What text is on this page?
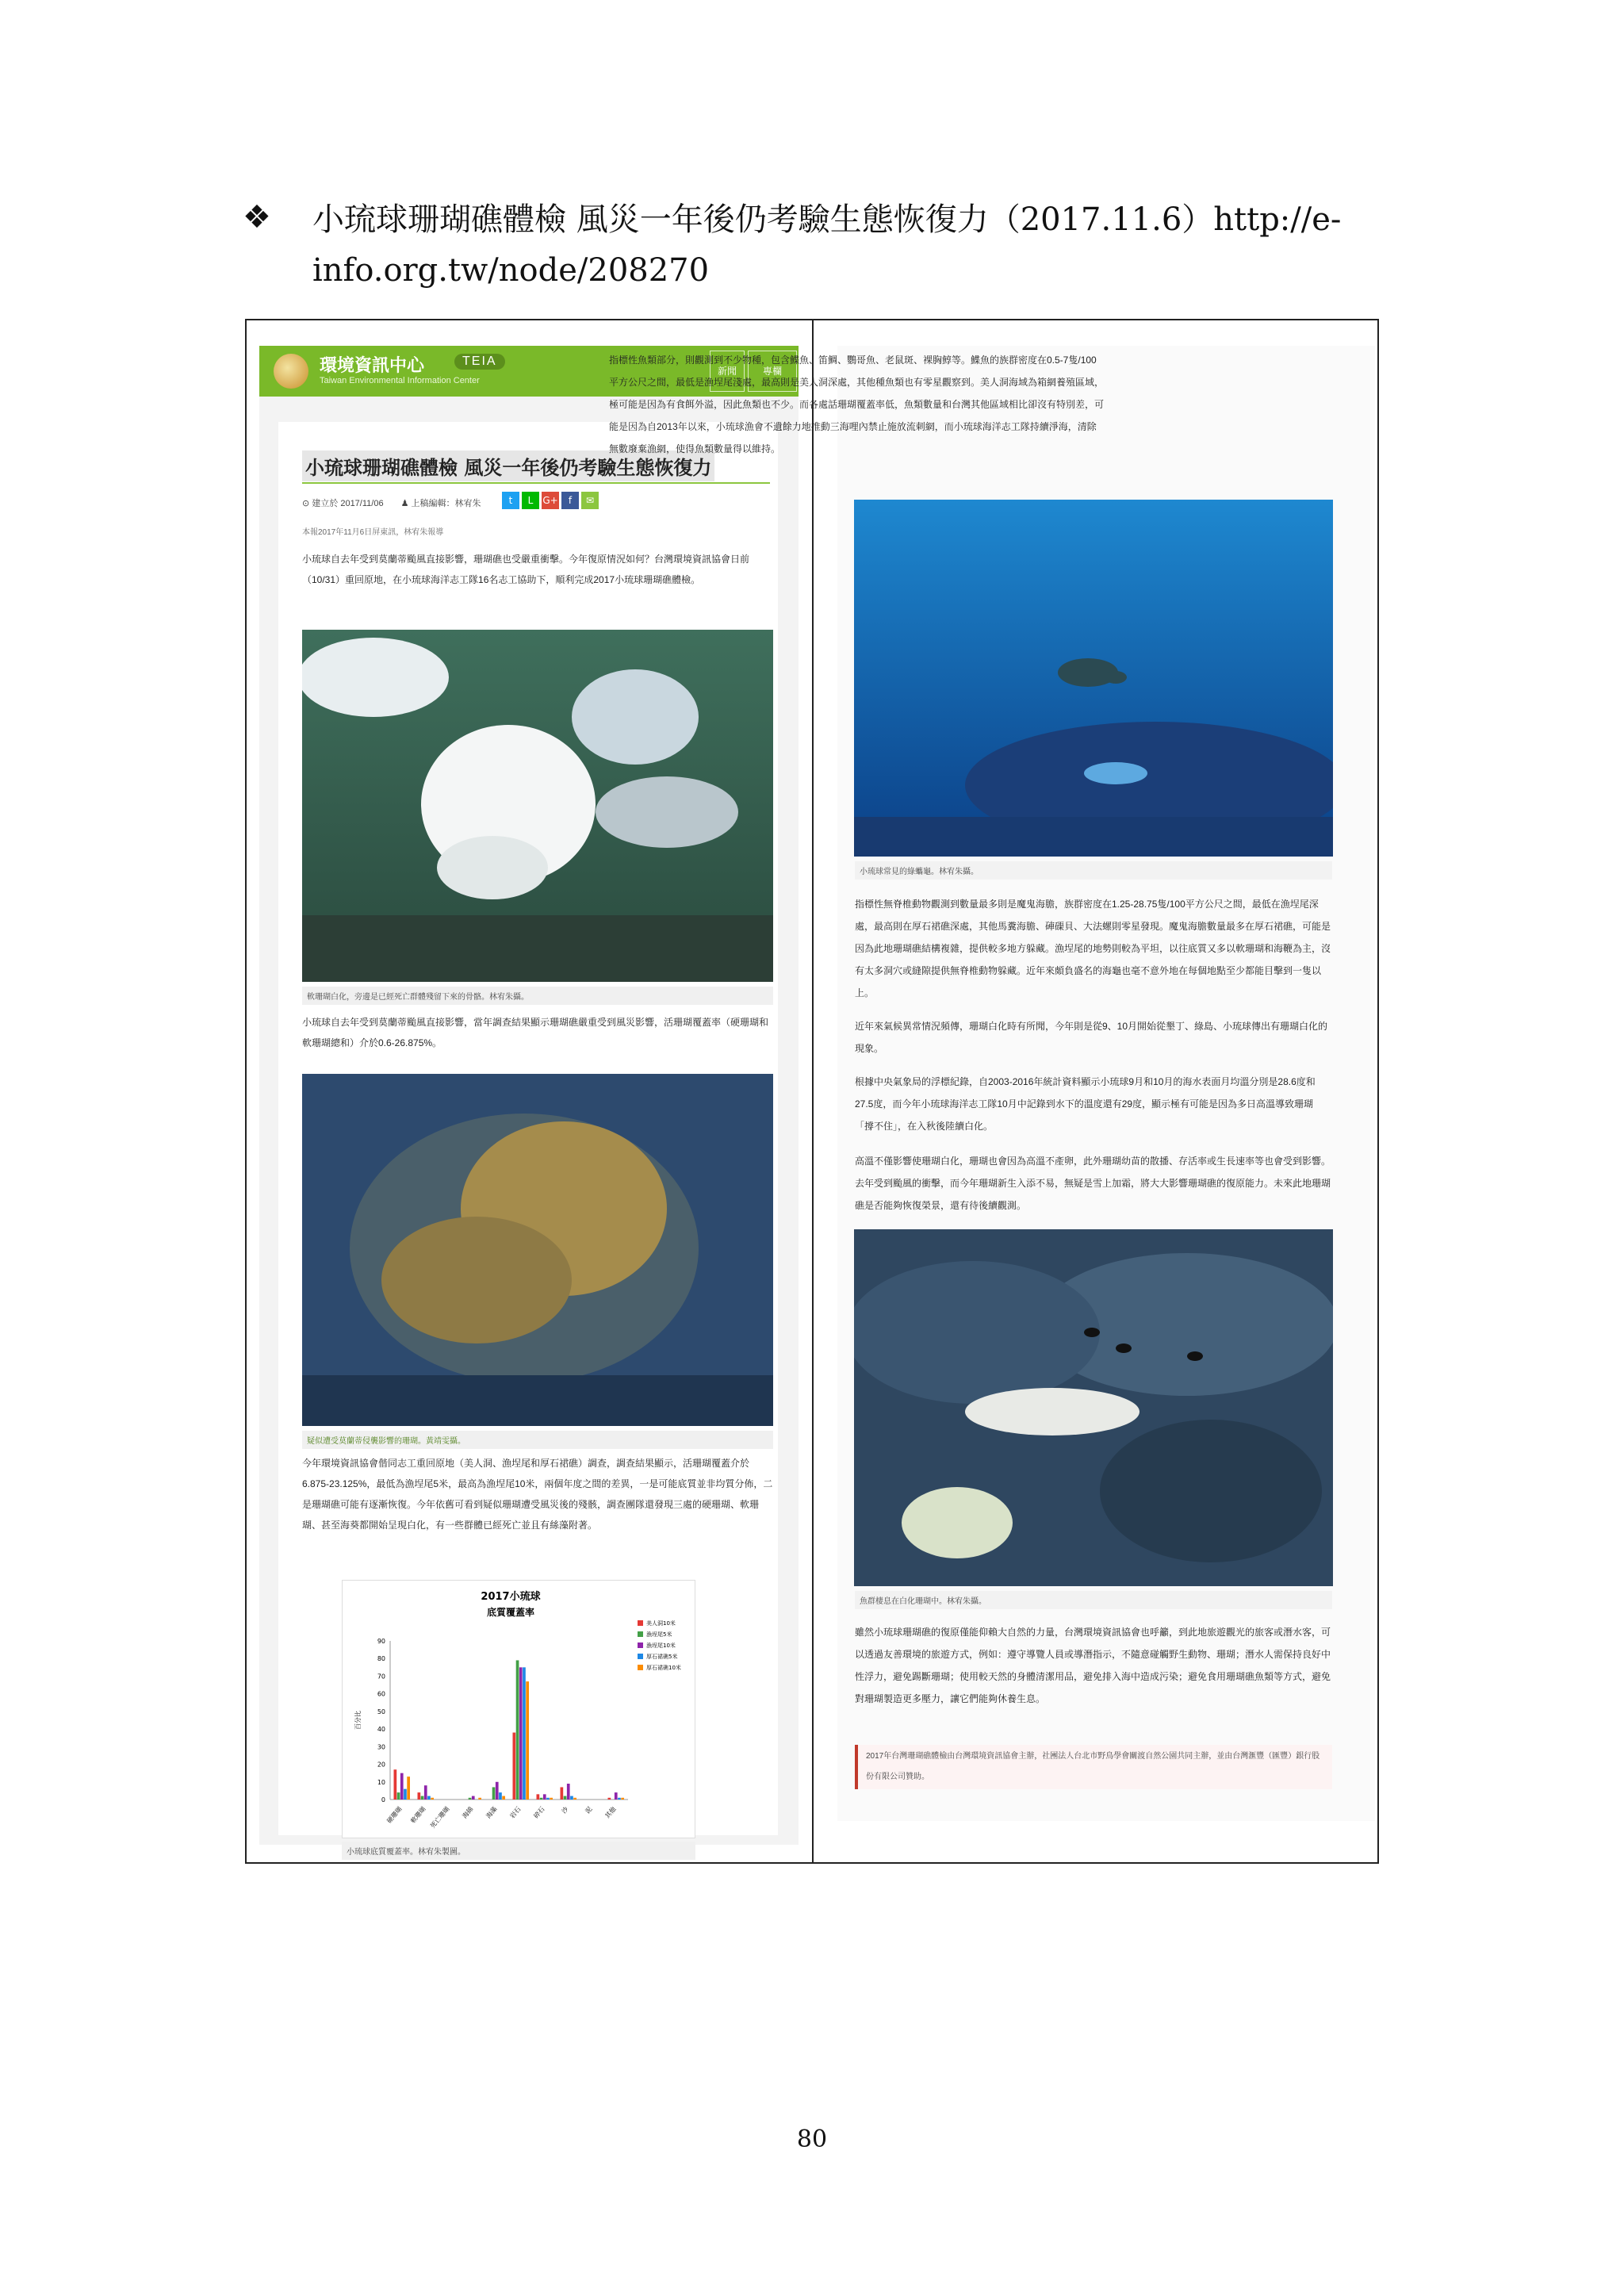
❖ 小琉球珊瑚礁體檢 風災一年後仍考驗生態恢復力（2017.11.6）http://e-info.org.tw/node/208270
環境資訊中心	TEIA
Taiwan Environmental Information Center
新聞	專欄
小琉球珊瑚礁體檢 風災一年後仍考驗生態恢復力
⊙ 建立於 2017/11/06　　♟ 上稿編輯：林宥朱	t L G+ f ✉
本報2017年11月6日屏東訊，林宥朱報導
小琉球自去年受到莫蘭蒂颱風直接影響，珊瑚礁也受嚴重衝擊。今年復原情況如何？台灣環境資訊協會日前（10/31）重回原地，在小琉球海洋志工隊16名志工協助下，順利完成2017小琉球珊瑚礁體檢。
軟珊瑚白化，旁邊是已經死亡群體殘留下來的骨骼。林宥朱攝。
小琉球自去年受到莫蘭蒂颱風直接影響，當年調查結果顯示珊瑚礁嚴重受到風災影響，活珊瑚覆蓋率（硬珊瑚和軟珊瑚總和）介於0.6-26.875%。
疑似遭受莫蘭蒂侵襲影響的珊瑚。黃靖雯攝。
今年環境資訊協會偕同志工重回原地（美人洞、漁埕尾和厚石裙礁）調查，調查結果顯示，活珊瑚覆蓋介於6.875-23.125%，最低為漁埕尾5米，最高為漁埕尾10米，兩個年度之間的差異，一是可能底質並非均質分佈，二是珊瑚礁可能有逐漸恢復。今年依舊可看到疑似珊瑚遭受風災後的殘骸，調查團隊還發現三處的硬珊瑚、軟珊瑚、甚至海葵都開始呈現白化，有一些群體已經死亡並且有絲藻附著。
2017小琉球
底質覆蓋率
百分比
0
10
20
30
40
50
60
70
80
90
硬珊瑚 軟珊瑚 死亡珊瑚 海綿 海藻 岩石 碎石 沙 泥 其他
美人洞10米
漁埕尾5米
漁埕尾10米
厚石裙礁5米
厚石裙礁10米
小琉球底質覆蓋率。林宥朱製圖。
指標性魚類部分，則觀測到不少物種，包含鰈魚、笛鯛、鸚哥魚、老鼠斑、裸胸鯙等。鰈魚的族群密度在0.5-7隻/100平方公尺之間，最低是漁埕尾淺處，最高則是美人洞深處，其他種魚類也有零星觀察到。美人洞海域為箱網養殖區域，極可能是因為有食餌外溢，因此魚類也不少。而各處話珊瑚覆蓋率低，魚類數量和台灣其他區域相比卻沒有特別差，可能是因為自2013年以來，小琉球漁會不遺餘力地推動三海哩內禁止施放流刺網，而小琉球海洋志工隊持續淨海，清除無數廢棄漁網，使得魚類數量得以維持。
小琉球常見的綠蠵龜。林宥朱攝。
指標性無脊椎動物觀測到數量最多則是魔鬼海膽，族群密度在1.25-28.75隻/100平方公尺之間，最低在漁埕尾深處，最高則在厚石裙礁深處，其他馬糞海膽、硨磲貝、大法螺則零星發現。魔鬼海膽數量最多在厚石裙礁，可能是因為此地珊瑚礁結構複雜，提供較多地方躲藏。漁埕尾的地勢則較為平坦，以往底質又多以軟珊瑚和海鞭為主，沒有太多洞穴或縫隙提供無脊椎動物躲藏。近年來頗負盛名的海龜也毫不意外地在每個地點至少都能目擊到一隻以上。
近年來氣候異常情況頻傳，珊瑚白化時有所聞，今年則是從9、10月開始從墾丁、綠島、小琉球傳出有珊瑚白化的現象。
根據中央氣象局的浮標紀錄，自2003-2016年統計資料顯示小琉球9月和10月的海水表面月均溫分別是28.6度和27.5度，而今年小琉球海洋志工隊10月中記錄到水下的溫度還有29度，顯示極有可能是因為多日高溫導致珊瑚「撐不住」，在入秋後陸續白化。
高溫不僅影響使珊瑚白化，珊瑚也會因為高溫不產卵，此外珊瑚幼苗的散播、存活率或生長速率等也會受到影響。去年受到颱風的衝擊，而今年珊瑚新生入添不易，無疑是雪上加霜，將大大影響珊瑚礁的復原能力。未來此地珊瑚礁是否能夠恢復榮景，還有待後續觀測。
魚群棲息在白化珊瑚中。林宥朱攝。
雖然小琉球珊瑚礁的復原僅能仰賴大自然的力量，台灣環境資訊協會也呼籲，到此地旅遊觀光的旅客或潛水客，可以透過友善環境的旅遊方式，例如：遵守導覽人員或導潛指示，不隨意碰觸野生動物、珊瑚；潛水人需保持良好中性浮力，避免踢斷珊瑚；使用較天然的身體清潔用品，避免排入海中造成污染；避免食用珊瑚礁魚類等方式，避免對珊瑚製造更多壓力，讓它們能夠休養生息。
2017年台灣珊瑚礁體檢由台灣環境資訊協會主辦，社團法人台北市野鳥學會關渡自然公園共同主辦，並由台灣滙豐（匯豐）銀行股份有限公司贊助。
80
